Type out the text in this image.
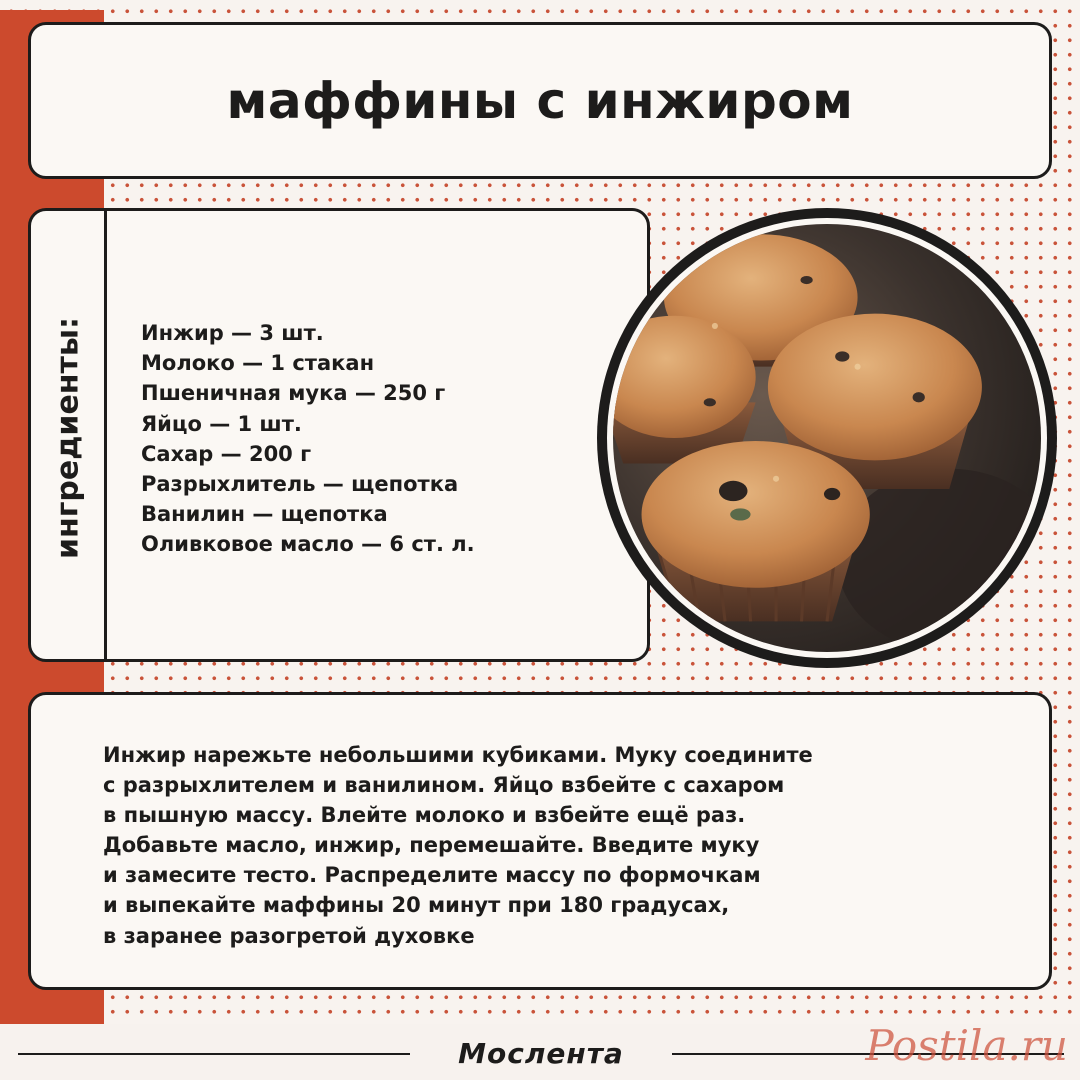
маффины с инжиром
ингредиенты:	Инжир — 3 шт.
Молоко — 1 стакан
Пшеничная мука — 250 г
Яйцо — 1 шт.
Сахар — 200 г
Разрыхлитель — щепотка
Ванилин — щепотка
Оливковое масло — 6 ст. л.
Инжир нарежьте небольшими кубиками. Муку соедините
с разрыхлителем и ванилином. Яйцо взбейте с сахаром
в пышную массу. Влейте молоко и взбейте ещё раз.
Добавьте масло, инжир, перемешайте. Введите муку
и замесите тесто. Распределите массу по формочкам
и выпекайте маффины 20 минут при 180 градусах,
в заранее разогретой духовке
Мослента	Postila.ru
